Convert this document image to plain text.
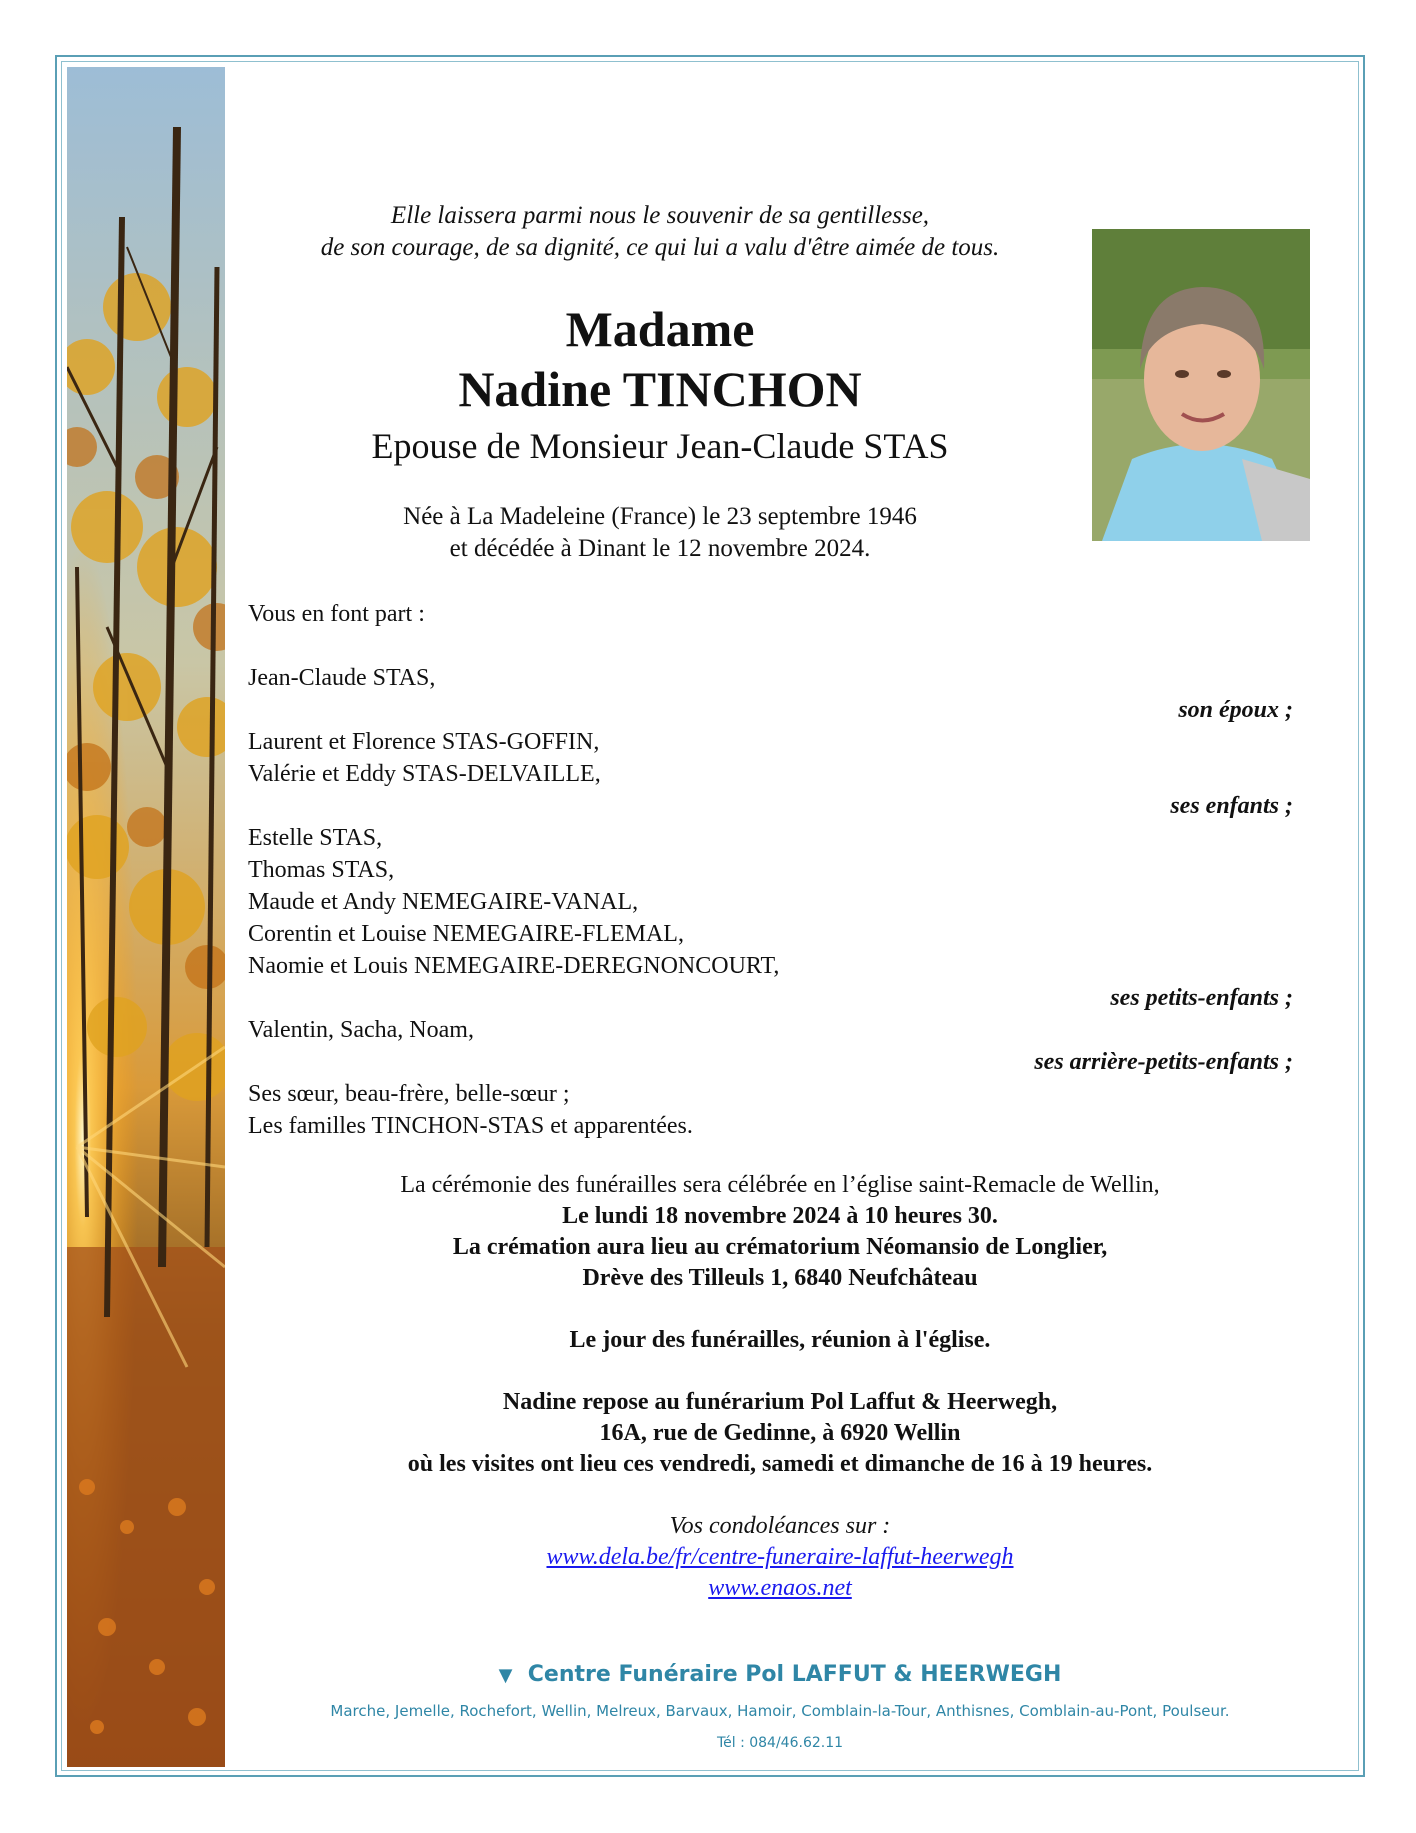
Elle laissera parmi nous le souvenir de sa gentillesse,
de son courage, de sa dignité, ce qui lui a valu d'être aimée de tous.
Madame
Nadine TINCHON
Epouse de Monsieur Jean-Claude STAS
Née à La Madeleine (France) le 23 septembre 1946
et décédée à Dinant le 12 novembre 2024.
Vous en font part :
Jean-Claude STAS,
son époux ;
Laurent et Florence STAS-GOFFIN,
Valérie et Eddy STAS-DELVAILLE,
ses enfants ;
Estelle STAS,
Thomas STAS,
Maude et Andy NEMEGAIRE-VANAL,
Corentin et Louise NEMEGAIRE-FLEMAL,
Naomie et Louis NEMEGAIRE-DEREGNONCOURT,
ses petits-enfants ;
Valentin, Sacha, Noam,
ses arrière-petits-enfants ;
Ses sœur, beau-frère, belle-sœur ;
Les familles TINCHON-STAS et apparentées.
La cérémonie des funérailles sera célébrée en l’église saint-Remacle de Wellin,
Le lundi 18 novembre 2024 à 10 heures 30.
La crémation aura lieu au crématorium Néomansio de Longlier,
Drève des Tilleuls 1, 6840 Neufchâteau
Le jour des funérailles, réunion à l'église.
Nadine repose au funérarium Pol Laffut & Heerwegh,
16A, rue de Gedinne, à 6920 Wellin
où les visites ont lieu ces vendredi, samedi et dimanche de 16 à 19 heures.
Vos condoléances sur :
www.dela.be/fr/centre-funeraire-laffut-heerwegh
www.enaos.net
▼ Centre Funéraire Pol LAFFUT & HEERWEGH
Marche, Jemelle, Rochefort, Wellin, Melreux, Barvaux, Hamoir, Comblain-la-Tour, Anthisnes, Comblain-au-Pont, Poulseur.
Tél : 084/46.62.11
